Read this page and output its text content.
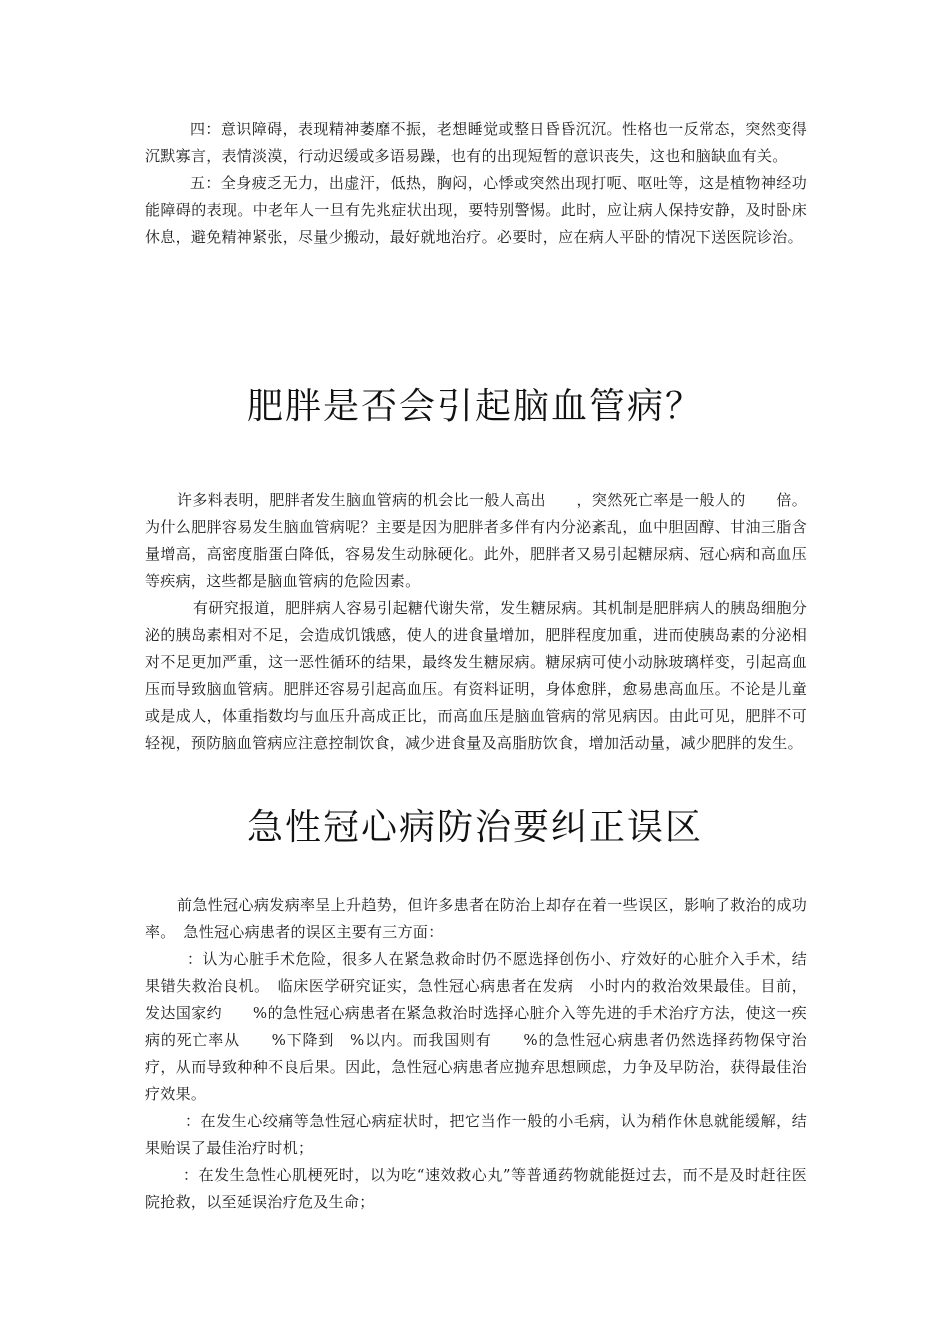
四：意识障碍，表现精神萎靡不振，老想睡觉或整日昏昏沉沉。性格也一反常态，突然变得沉默寡言，表情淡漠，行动迟缓或多语易躁，也有的出现短暂的意识丧失，这也和脑缺血有关。

五：全身疲乏无力，出虚汗，低热，胸闷，心悸或突然出现打呃、呕吐等，这是植物神经功能障碍的表现。中老年人一旦有先兆症状出现，要特别警惕。此时，应让病人保持安静，及时卧床休息，避免精神紧张，尽量少搬动，最好就地治疗。必要时，应在病人平卧的情况下送医院诊治。

肥胖是否会引起脑血管病？

许多料表明，肥胖者发生脑血管病的机会比一般人高出　　，突然死亡率是一般人的　　倍。为什么肥胖容易发生脑血管病呢？主要是因为肥胖者多伴有内分泌紊乱，血中胆固醇、甘油三脂含量增高，高密度脂蛋白降低，容易发生动脉硬化。此外，肥胖者又易引起糖尿病、冠心病和高血压等疾病，这些都是脑血管病的危险因素。

有研究报道，肥胖病人容易引起糖代谢失常，发生糖尿病。其机制是肥胖病人的胰岛细胞分泌的胰岛素相对不足，会造成饥饿感，使人的进食量增加，肥胖程度加重，进而使胰岛素的分泌相对不足更加严重，这一恶性循环的结果，最终发生糖尿病。糖尿病可使小动脉玻璃样变，引起高血压而导致脑血管病。肥胖还容易引起高血压。有资料证明，身体愈胖，愈易患高血压。不论是儿童或是成人，体重指数均与血压升高成正比，而高血压是脑血管病的常见病因。由此可见，肥胖不可轻视，预防脑血管病应注意控制饮食，减少进食量及高脂肪饮食，增加活动量，减少肥胖的发生。

急性冠心病防治要纠正误区

前急性冠心病发病率呈上升趋势，但许多患者在防治上却存在着一些误区，影响了救治的成功率。　急性冠心病患者的误区主要有三方面：

：认为心脏手术危险，很多人在紧急救命时仍不愿选择创伤小、疗效好的心脏介入手术，结果错失救治良机。　临床医学研究证实，急性冠心病患者在发病　小时内的救治效果最佳。目前，发达国家约　　%的急性冠心病患者在紧急救治时选择心脏介入等先进的手术治疗方法，使这一疾病的死亡率从　　%下降到　%以内。而我国则有　　%的急性冠心病患者仍然选择药物保守治疗，从而导致种种不良后果。因此，急性冠心病患者应抛弃思想顾虑，力争及早防治，获得最佳治疗效果。

：在发生心绞痛等急性冠心病症状时，把它当作一般的小毛病，认为稍作休息就能缓解，结果贻误了最佳治疗时机；

：在发生急性心肌梗死时，以为吃“速效救心丸”等普通药物就能挺过去，而不是及时赶往医院抢救，以至延误治疗危及生命；
